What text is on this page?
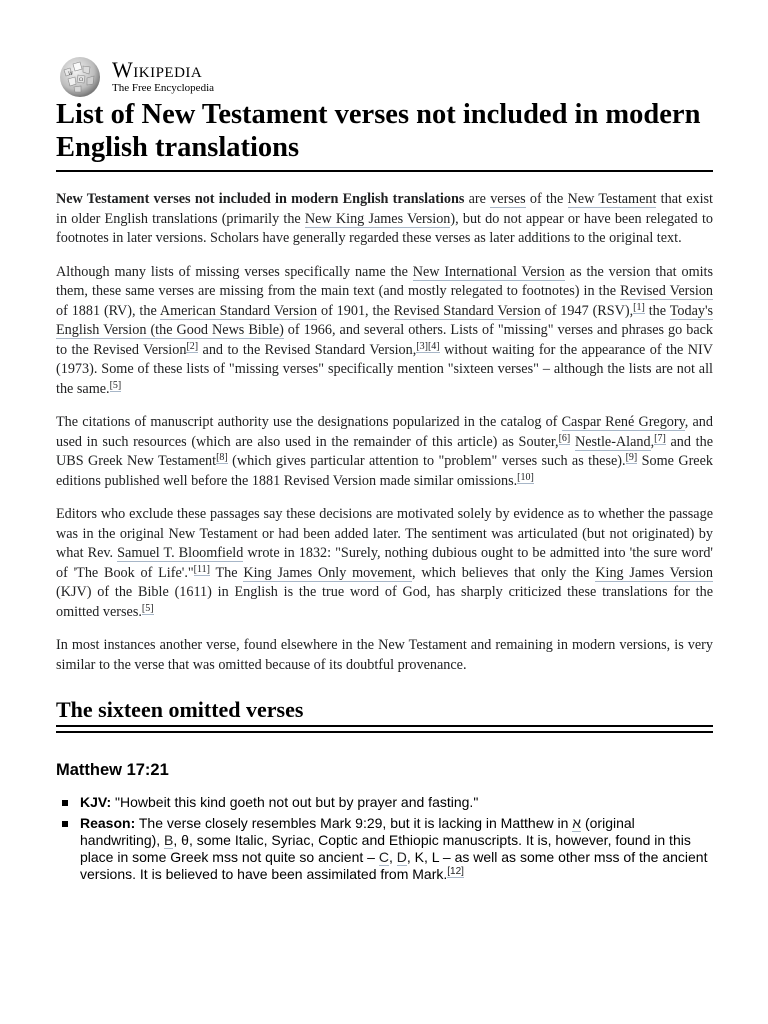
W
Ω Wikipedia
The Free Encyclopedia
List of New Testament verses not included in modern English translations

New Testament verses not included in modern English translations are verses of the New Testament that exist in older English translations (primarily the New King James Version), but do not appear or have been relegated to footnotes in later versions. Scholars have generally regarded these verses as later additions to the original text.

Although many lists of missing verses specifically name the New International Version as the version that omits them, these same verses are missing from the main text (and mostly relegated to footnotes) in the Revised Version of 1881 (RV), the American Standard Version of 1901, the Revised Standard Version of 1947 (RSV),[1] the Today's English Version (the Good News Bible) of 1966, and several others. Lists of "missing" verses and phrases go back to the Revised Version[2] and to the Revised Standard Version,[3][4] without waiting for the appearance of the NIV (1973). Some of these lists of "missing verses" specifically mention "sixteen verses" – although the lists are not all the same.[5]

The citations of manuscript authority use the designations popularized in the catalog of Caspar René Gregory, and used in such resources (which are also used in the remainder of this article) as Souter,[6] Nestle-Aland,[7] and the UBS Greek New Testament[8] (which gives particular attention to "problem" verses such as these).[9] Some Greek editions published well before the 1881 Revised Version made similar omissions.[10]

Editors who exclude these passages say these decisions are motivated solely by evidence as to whether the passage was in the original New Testament or had been added later. The sentiment was articulated (but not originated) by what Rev. Samuel T. Bloomfield wrote in 1832: "Surely, nothing dubious ought to be admitted into 'the sure word' of 'The Book of Life'."[11] The King James Only movement, which believes that only the King James Version (KJV) of the Bible (1611) in English is the true word of God, has sharply criticized these translations for the omitted verses.[5]

In most instances another verse, found elsewhere in the New Testament and remaining in modern versions, is very similar to the verse that was omitted because of its doubtful provenance.

The sixteen omitted verses
Matthew 17:21
KJV: "Howbeit this kind goeth not out but by prayer and fasting."
Reason: The verse closely resembles Mark 9:29, but it is lacking in Matthew in א (original handwriting), B, θ, some Italic, Syriac, Coptic and Ethiopic manuscripts. It is, however, found in this place in some Greek mss not quite so ancient – C, D, K, L – as well as some other mss of the ancient versions. It is believed to have been assimilated from Mark.[12]
